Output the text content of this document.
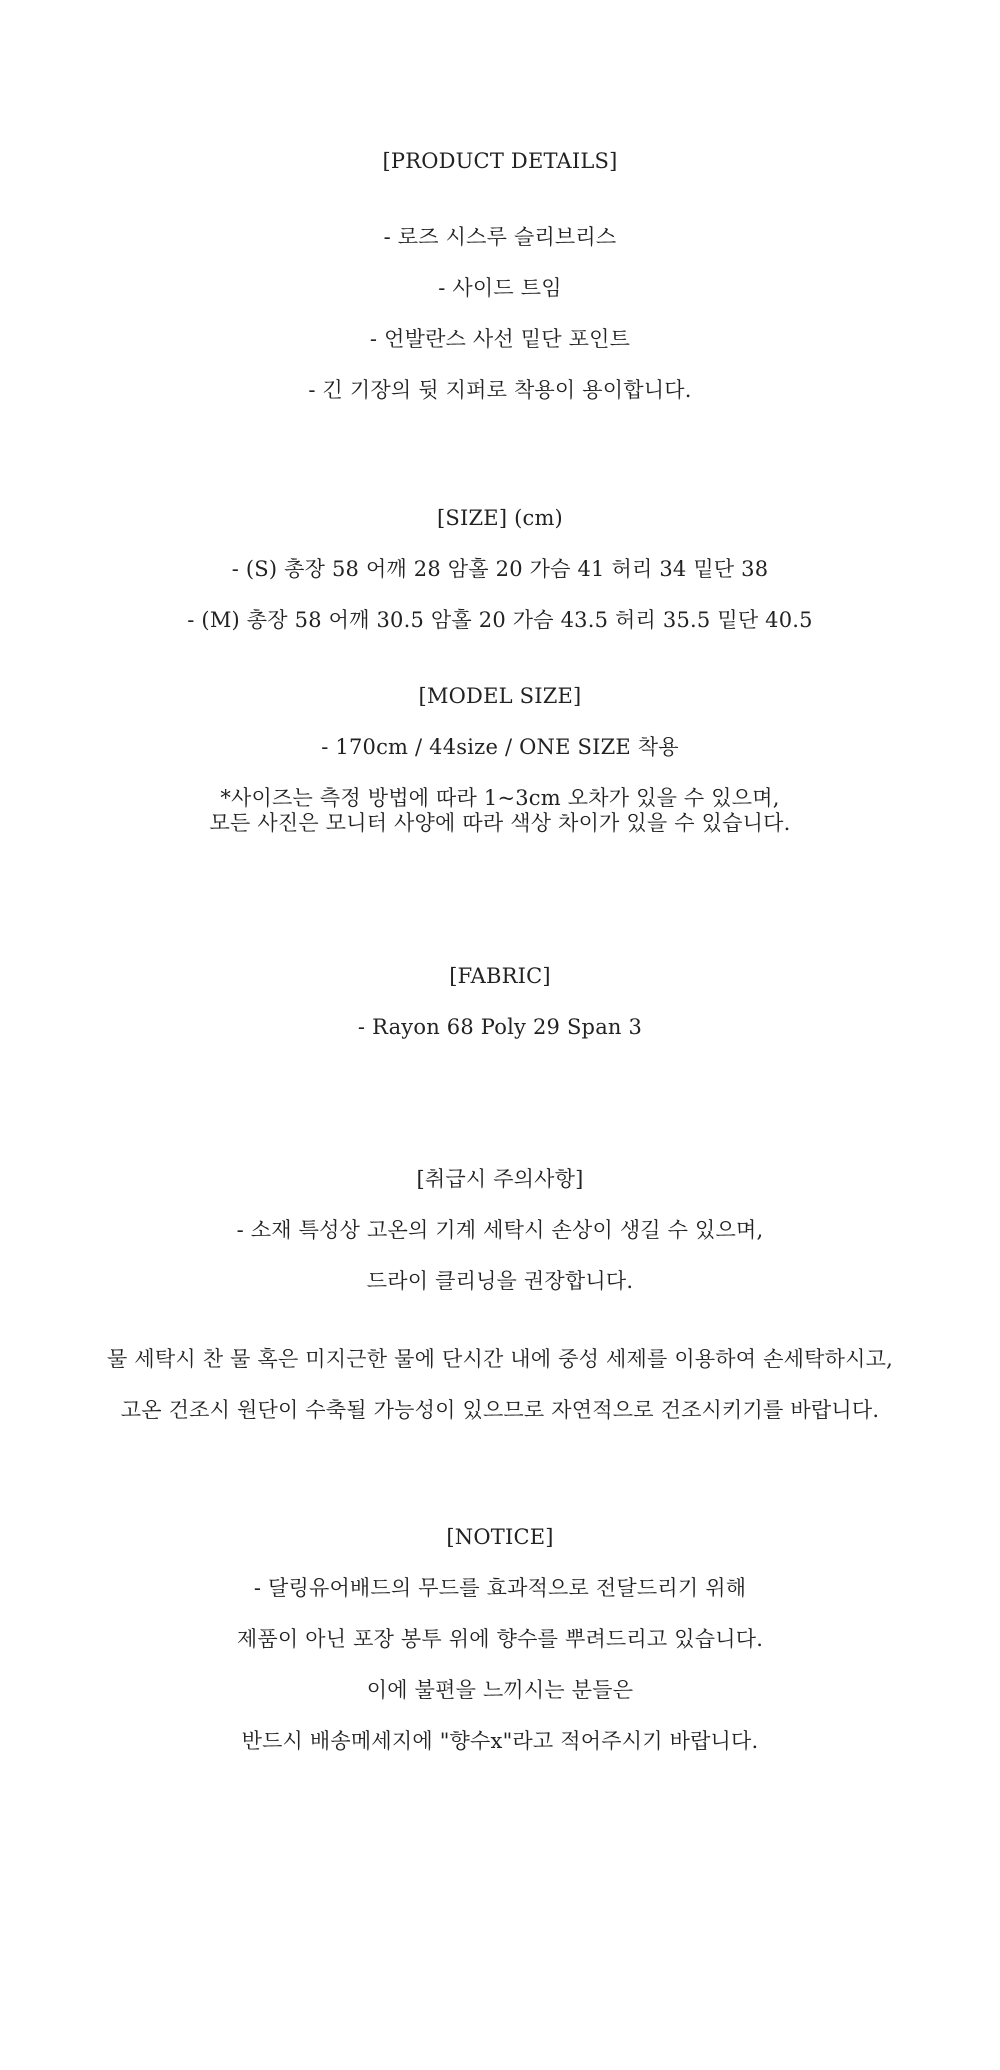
[PRODUCT DETAILS]
- 로즈 시스루 슬리브리스
- 사이드 트임
- 언발란스 사선 밑단 포인트
- 긴 기장의 뒷 지퍼로 착용이 용이합니다.
[SIZE] (cm)
- (S) 총장 58 어깨 28 암홀 20 가슴 41 허리 34 밑단 38
- (M) 총장 58 어깨 30.5 암홀 20 가슴 43.5 허리 35.5 밑단 40.5
[MODEL SIZE]
- 170cm / 44size / ONE SIZE 착용
*사이즈는 측정 방법에 따라 1~3cm 오차가 있을 수 있으며,
모든 사진은 모니터 사양에 따라 색상 차이가 있을 수 있습니다.
[FABRIC]
- Rayon 68 Poly 29 Span 3
[취급시 주의사항]
- 소재 특성상 고온의 기계 세탁시 손상이 생길 수 있으며,
드라이 클리닝을 권장합니다.
물 세탁시 찬 물 혹은 미지근한 물에 단시간 내에 중성 세제를 이용하여 손세탁하시고,
고온 건조시 원단이 수축될 가능성이 있으므로 자연적으로 건조시키기를 바랍니다.
[NOTICE]
- 달링유어배드의 무드를 효과적으로 전달드리기 위해
제품이 아닌 포장 봉투 위에 향수를 뿌려드리고 있습니다.
이에 불편을 느끼시는 분들은
반드시 배송메세지에 "향수x"라고 적어주시기 바랍니다.
